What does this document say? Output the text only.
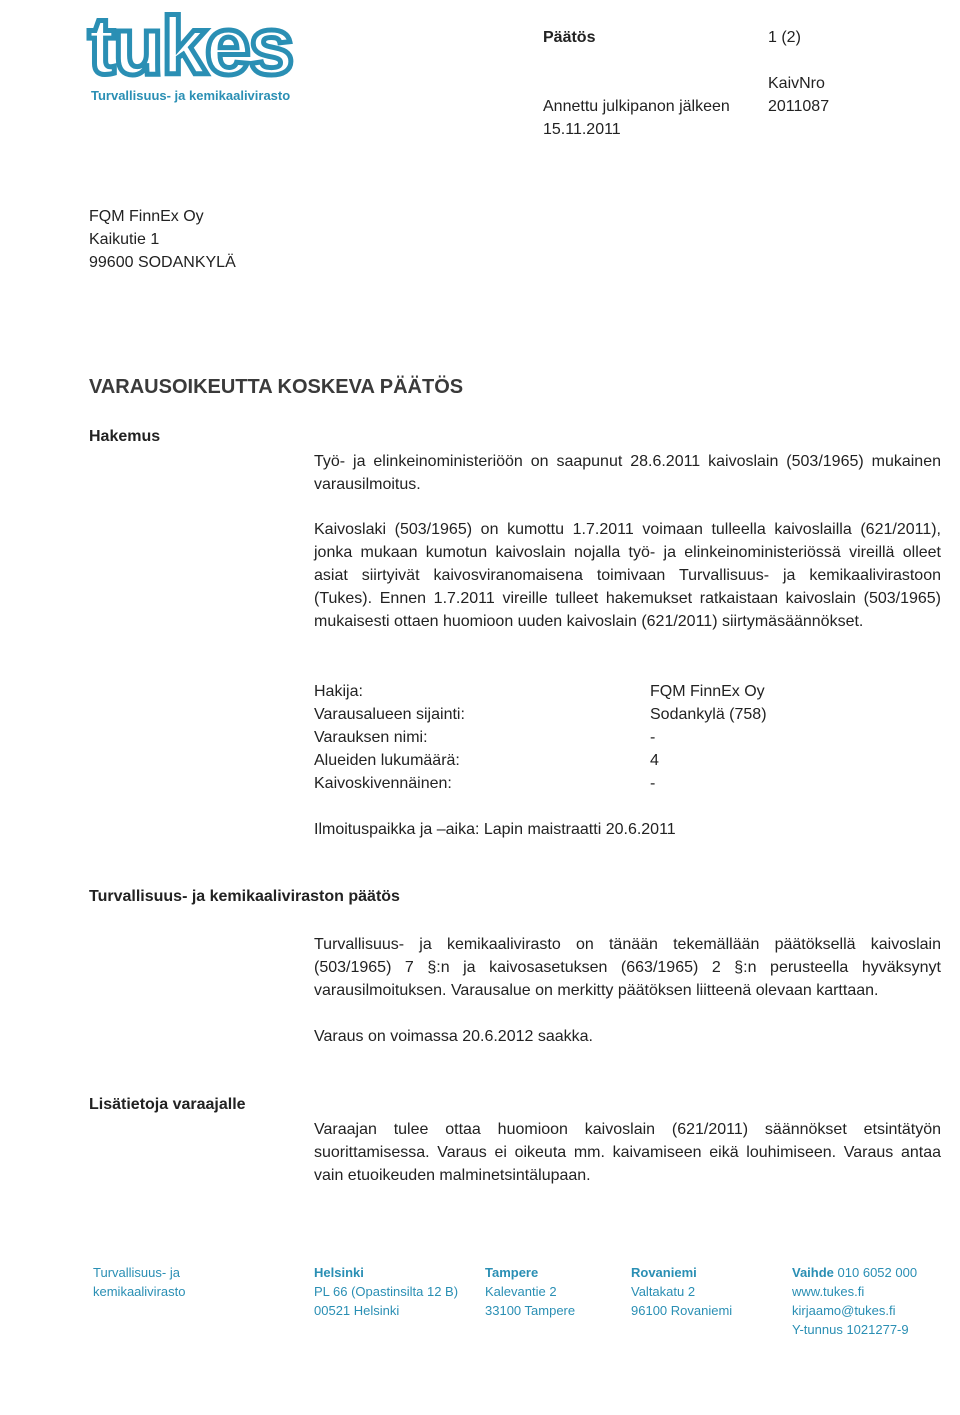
tukes
Turvallisuus- ja kemikaalivirasto
Päätös	1 (2)
KaivNro
Annettu julkipanon jälkeen 2011087
15.11.2011
FQM FinnEx Oy
Kaikutie 1
99600 SODANKYLÄ
VARAUSOIKEUTTA KOSKEVA PÄÄTÖS
Hakemus
Työ- ja elinkeinoministeriöön on saapunut 28.6.2011 kaivoslain (503/1965) mukainen varausilmoitus.
Kaivoslaki (503/1965) on kumottu 1.7.2011 voimaan tulleella kaivoslailla (621/2011), jonka mukaan kumotun kaivoslain nojalla työ- ja elinkeinoministeriössä vireillä olleet asiat siirtyivät kaivosviranomaisena toimivaan Turvallisuus- ja kemikaalivirastoon (Tukes). Ennen 1.7.2011 vireille tulleet hakemukset ratkaistaan kaivoslain (503/1965) mukaisesti ottaen huomioon uuden kaivoslain (621/2011) siirtymäsäännökset.
Hakija:	FQM FinnEx Oy
Varausalueen sijainti:	Sodankylä (758)
Varauksen nimi:	-
Alueiden lukumäärä:	4
Kaivoskivennäinen:	-
Ilmoituspaikka ja –aika: Lapin maistraatti 20.6.2011
Turvallisuus- ja kemikaaliviraston päätös
Turvallisuus- ja kemikaalivirasto on tänään tekemällään päätöksellä kaivoslain (503/1965) 7 §:n ja kaivosasetuksen (663/1965) 2 §:n perusteella hyväksynyt varausilmoituksen. Varausalue on merkitty päätöksen liitteenä olevaan karttaan.
Varaus on voimassa 20.6.2012 saakka.
Lisätietoja varaajalle
Varaajan tulee ottaa huomioon kaivoslain (621/2011) säännökset etsintätyön suorittamisessa. Varaus ei oikeuta mm. kaivamiseen eikä louhimiseen. Varaus antaa vain etuoikeuden malminetsintälupaan.
Turvallisuus- ja
kemikaalivirasto
Helsinki
PL 66 (Opastinsilta 12 B)
00521 Helsinki
Tampere
Kalevantie 2
33100 Tampere
Rovaniemi
Valtakatu 2
96100 Rovaniemi
Vaihde 010 6052 000
www.tukes.fi
kirjaamo@tukes.fi
Y-tunnus 1021277-9
